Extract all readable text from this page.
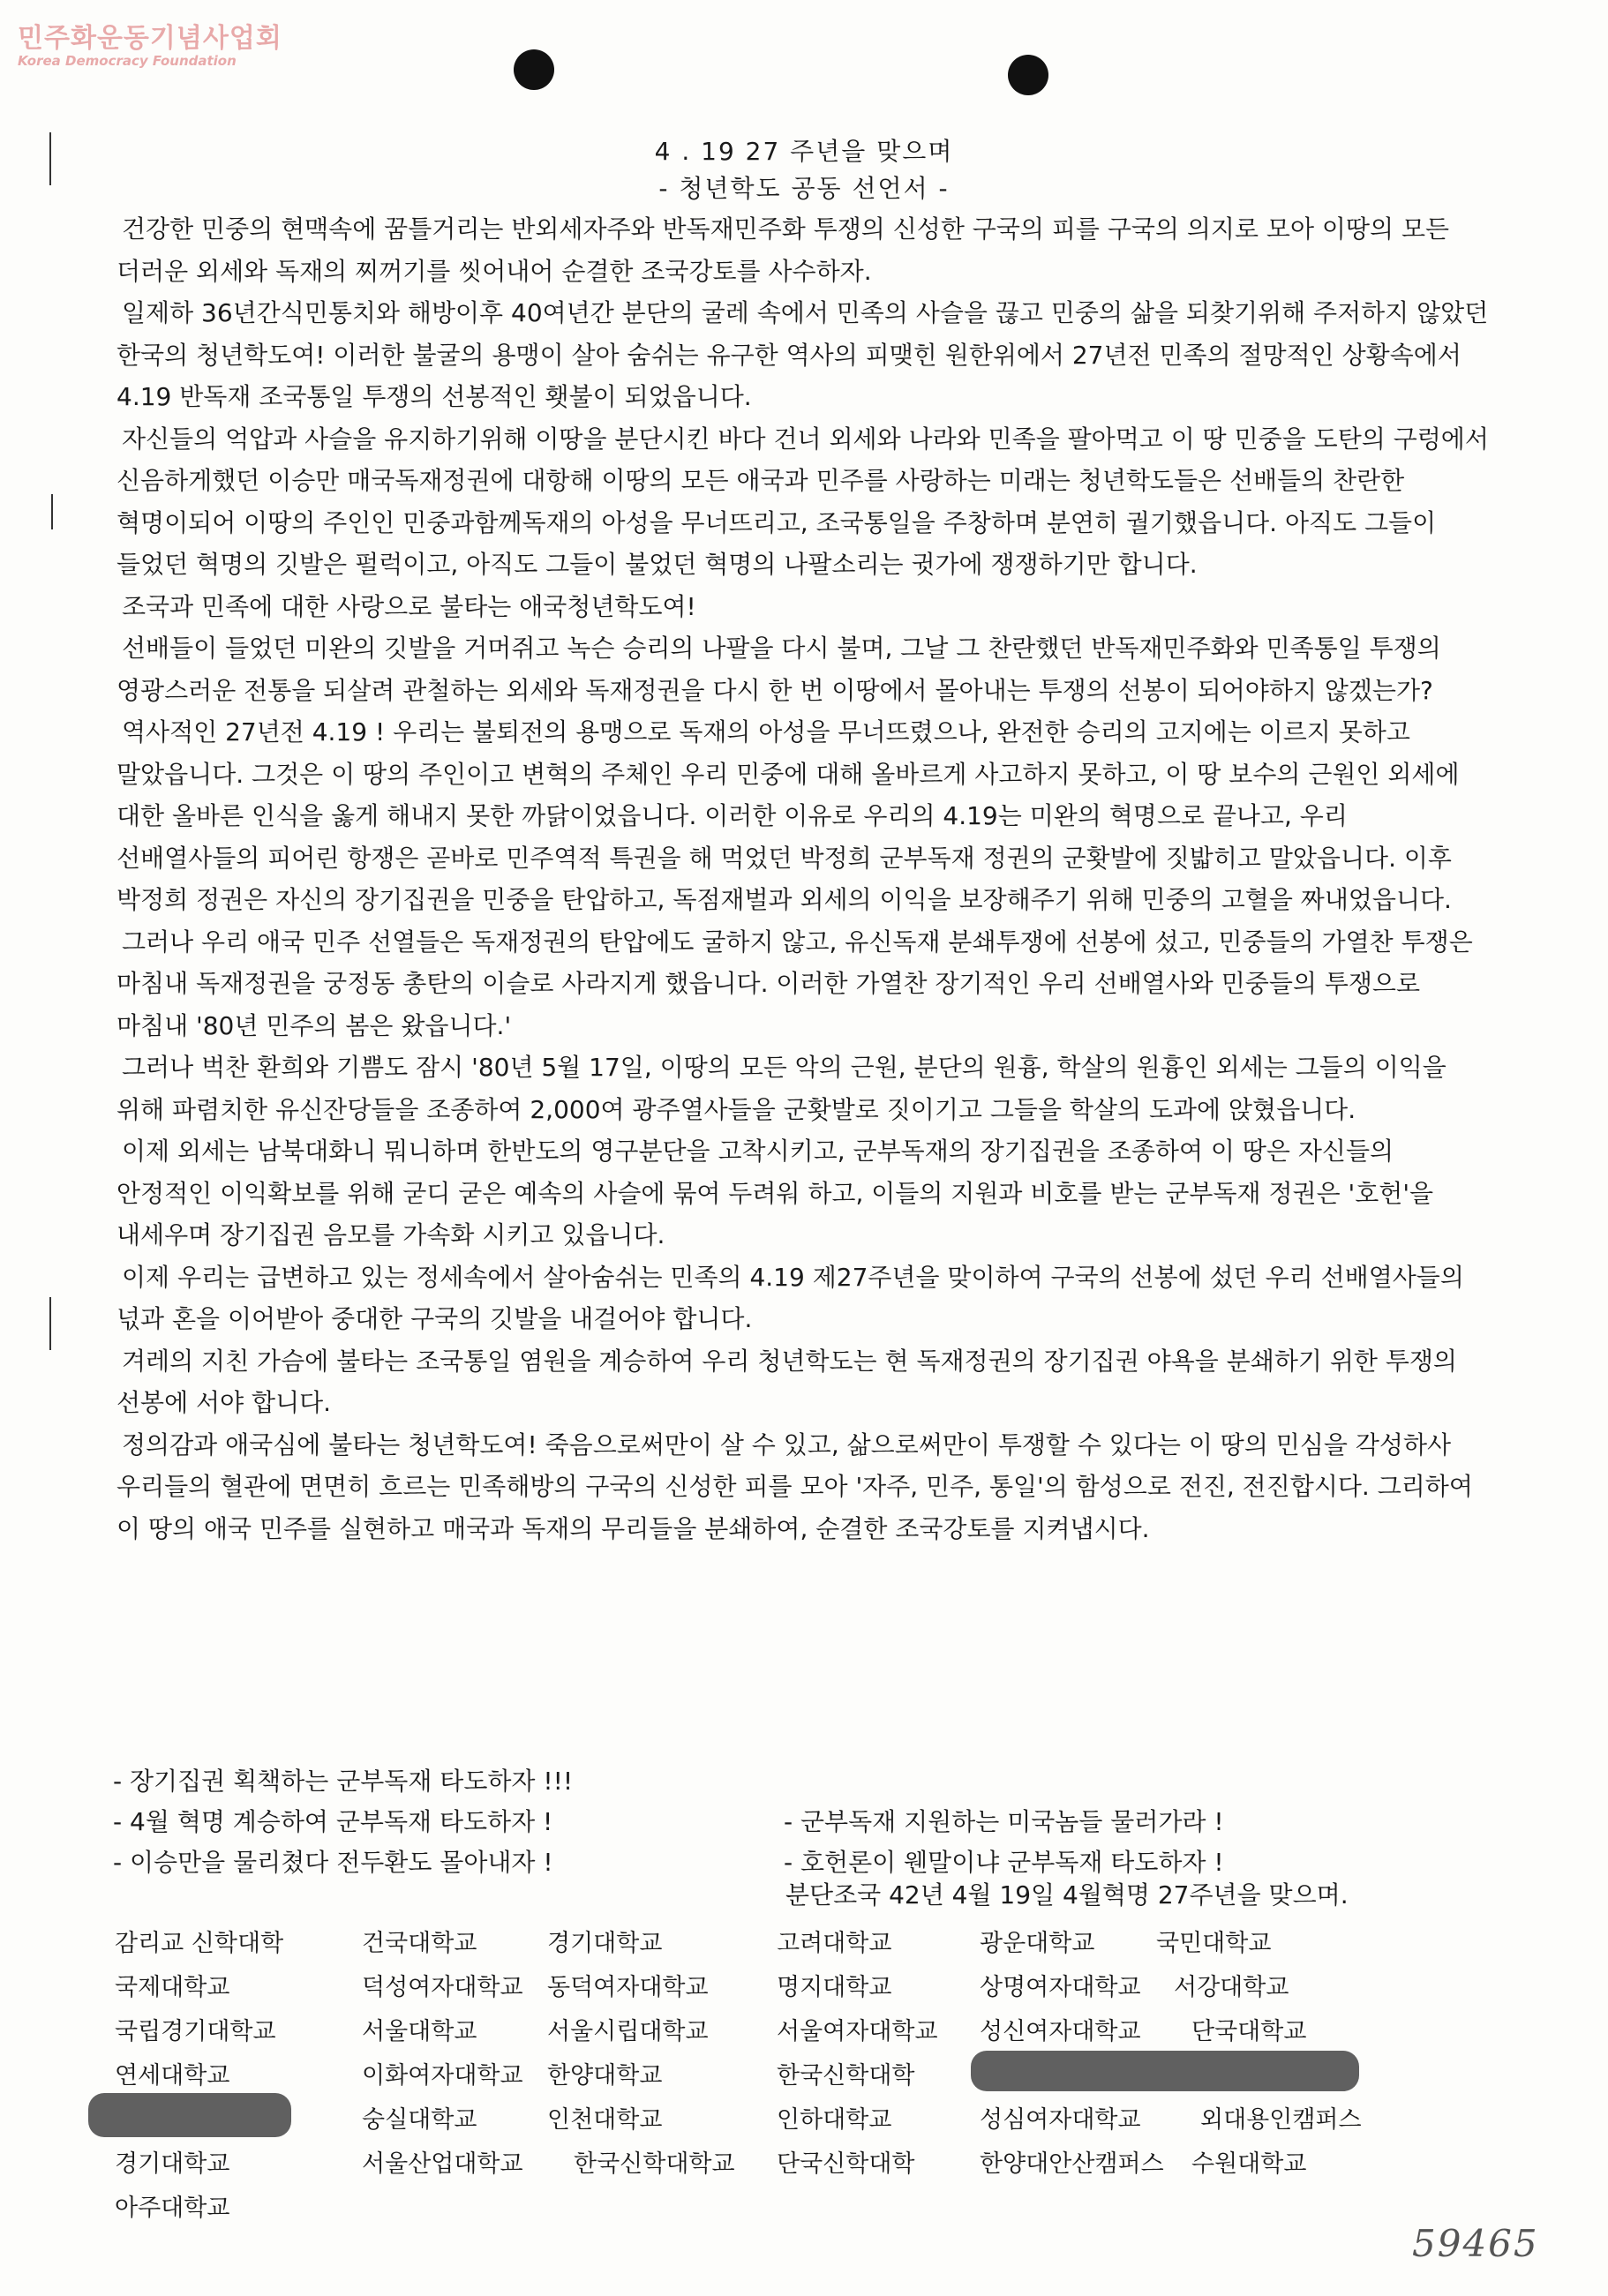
민주화운동기념사업회
Korea Democracy Foundation
4 . 19 27 주년을 맞으며
- 청년학도 공동 선언서 -

건강한 민중의 현맥속에 꿈틀거리는 반외세자주와 반독재민주화 투쟁의 신성한 구국의 피를 구국의 의지로 모아 이땅의 모든 더러운 외세와 독재의 찌꺼기를 씻어내어 순결한 조국강토를 사수하자.

일제하 36년간식민통치와 해방이후 40여년간 분단의 굴레 속에서 민족의 사슬을 끊고 민중의 삶을 되찾기위해 주저하지 않았던 한국의 청년학도여! 이러한 불굴의 용맹이 살아 숨쉬는 유구한 역사의 피맺힌 원한위에서 27년전 민족의 절망적인 상황속에서 4.19 반독재 조국통일 투쟁의 선봉적인 횃불이 되었읍니다.

자신들의 억압과 사슬을 유지하기위해 이땅을 분단시킨 바다 건너 외세와 나라와 민족을 팔아먹고 이 땅 민중을 도탄의 구렁에서 신음하게했던 이승만 매국독재정권에 대항해 이땅의 모든 애국과 민주를 사랑하는 미래는 청년학도들은 선배들의 찬란한 혁명이되어 이땅의 주인인 민중과함께독재의 아성을 무너뜨리고, 조국통일을 주창하며 분연히 궐기했읍니다. 아직도 그들이 들었던 혁명의 깃발은 펄럭이고, 아직도 그들이 불었던 혁명의 나팔소리는 귓가에 쟁쟁하기만 합니다.

조국과 민족에 대한 사랑으로 불타는 애국청년학도여!

선배들이 들었던 미완의 깃발을 거머쥐고 녹슨 승리의 나팔을 다시 불며, 그날 그 찬란했던 반독재민주화와 민족통일 투쟁의 영광스러운 전통을 되살려 관철하는 외세와 독재정권을 다시 한 번 이땅에서 몰아내는 투쟁의 선봉이 되어야하지 않겠는가?

역사적인 27년전 4.19 ! 우리는 불퇴전의 용맹으로 독재의 아성을 무너뜨렸으나, 완전한 승리의 고지에는 이르지 못하고 말았읍니다. 그것은 이 땅의 주인이고 변혁의 주체인 우리 민중에 대해 올바르게 사고하지 못하고, 이 땅 보수의 근원인 외세에 대한 올바른 인식을 옳게 해내지 못한 까닭이었읍니다. 이러한 이유로 우리의 4.19는 미완의 혁명으로 끝나고, 우리 선배열사들의 피어린 항쟁은 곧바로 민주역적 특권을 해 먹었던 박정희 군부독재 정권의 군홧발에 짓밟히고 말았읍니다. 이후 박정희 정권은 자신의 장기집권을 민중을 탄압하고, 독점재벌과 외세의 이익을 보장해주기 위해 민중의 고혈을 짜내었읍니다.

그러나 우리 애국 민주 선열들은 독재정권의 탄압에도 굴하지 않고, 유신독재 분쇄투쟁에 선봉에 섰고, 민중들의 가열찬 투쟁은 마침내 독재정권을 궁정동 총탄의 이슬로 사라지게 했읍니다. 이러한 가열찬 장기적인 우리 선배열사와 민중들의 투쟁으로 마침내 '80년 민주의 봄은 왔읍니다.'

그러나 벅찬 환희와 기쁨도 잠시 '80년 5월 17일, 이땅의 모든 악의 근원, 분단의 원흉, 학살의 원흉인 외세는 그들의 이익을 위해 파렴치한 유신잔당들을 조종하여 2,000여 광주열사들을 군홧발로 짓이기고 그들을 학살의 도과에 앉혔읍니다.

이제 외세는 남북대화니 뭐니하며 한반도의 영구분단을 고착시키고, 군부독재의 장기집권을 조종하여 이 땅은 자신들의 안정적인 이익확보를 위해 굳디 굳은 예속의 사슬에 묶여 두려워 하고, 이들의 지원과 비호를 받는 군부독재 정권은 '호헌'을 내세우며 장기집권 음모를 가속화 시키고 있읍니다.

이제 우리는 급변하고 있는 정세속에서 살아숨쉬는 민족의 4.19 제27주년을 맞이하여 구국의 선봉에 섰던 우리 선배열사들의 넋과 혼을 이어받아 중대한 구국의 깃발을 내걸어야 합니다.

겨레의 지친 가슴에 불타는 조국통일 염원을 계승하여 우리 청년학도는 현 독재정권의 장기집권 야욕을 분쇄하기 위한 투쟁의 선봉에 서야 합니다.

정의감과 애국심에 불타는 청년학도여! 죽음으로써만이 살 수 있고, 삶으로써만이 투쟁할 수 있다는 이 땅의 민심을 각성하사 우리들의 혈관에 면면히 흐르는 민족해방의 구국의 신성한 피를 모아 '자주, 민주, 통일'의 함성으로 전진, 전진합시다. 그리하여 이 땅의 애국 민주를 실현하고 매국과 독재의 무리들을 분쇄하여, 순결한 조국강토를 지켜냅시다.

- 장기집권 획책하는 군부독재 타도하자 !!!
- 4월 혁명 계승하여 군부독재 타도하자 !	- 군부독재 지원하는 미국놈들 물러가라 !
- 이승만을 물리쳤다 전두환도 몰아내자 !	- 호헌론이 웬말이냐 군부독재 타도하자 !
분단조국 42년 4월 19일 4월혁명 27주년을 맞으며.
감리교 신학대학	건국대학교	경기대학교	고려대학교	광운대학교	국민대학교
국제대학교	덕성여자대학교 동덕여자대학교	명지대학교	상명여자대학교 서강대학교
국립경기대학교	서울대학교	서울시립대학교	서울여자대학교 성신여자대학교 단국대학교
연세대학교	이화여자대학교 한양대학교	한국신학대학
숭실대학교	인천대학교	인하대학교	성심여자대학교 외대용인캠퍼스
경기대학교	서울산업대학교 한국신학대학교 단국신학대학	한양대안산캠퍼스 수원대학교
아주대학교
59465
